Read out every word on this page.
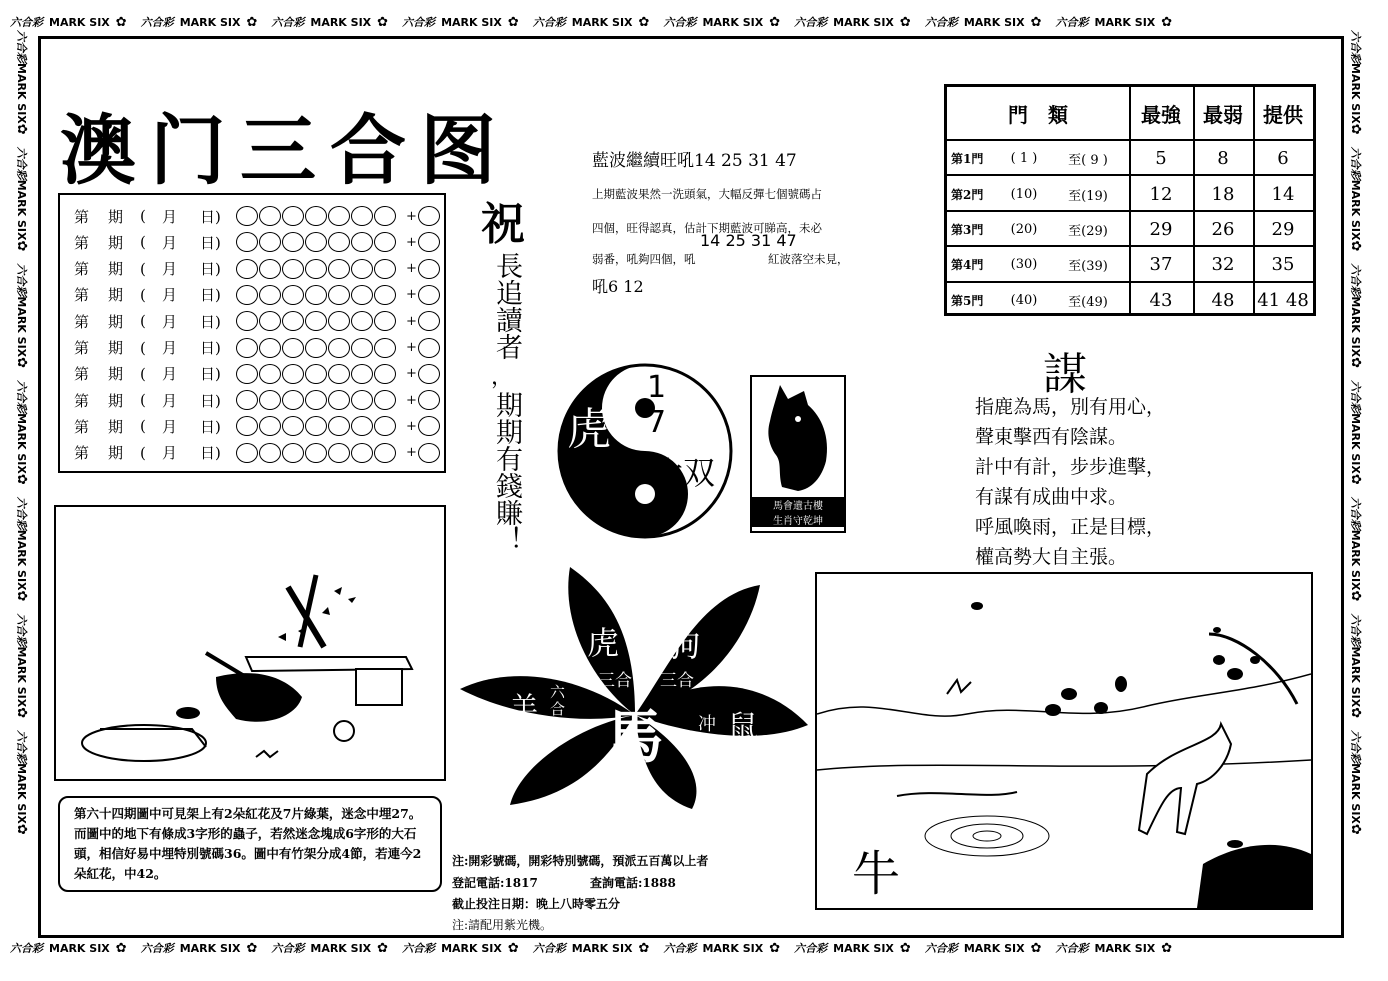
六合彩 MARK SIX ✿ 六合彩 MARK SIX ✿ 六合彩 MARK SIX ✿ 六合彩 MARK SIX ✿ 六合彩 MARK SIX ✿ 六合彩 MARK SIX ✿ 六合彩 MARK SIX ✿ 六合彩 MARK SIX ✿ 六合彩 MARK SIX ✿
六合彩 MARK SIX ✿ 六合彩 MARK SIX ✿ 六合彩 MARK SIX ✿ 六合彩 MARK SIX ✿ 六合彩 MARK SIX ✿ 六合彩 MARK SIX ✿ 六合彩 MARK SIX ✿ 六合彩 MARK SIX ✿ 六合彩 MARK SIX ✿
六合彩MARK SIX✿
六合彩MARK SIX✿
六合彩MARK SIX✿
六合彩MARK SIX✿
六合彩MARK SIX✿
六合彩MARK SIX✿
六合彩MARK SIX✿
六合彩MARK SIX✿
六合彩MARK SIX✿
六合彩MARK SIX✿
六合彩MARK SIX✿
六合彩MARK SIX✿
六合彩MARK SIX✿
六合彩MARK SIX✿
澳门三合图
第 期 ( 月 日)	+
第 期 ( 月 日)	+
第 期 ( 月 日)	+
第 期 ( 月 日)	+
第 期 ( 月 日)	+
第 期 ( 月 日)	+
第 期 ( 月 日)	+
第 期 ( 月 日)	+
第 期 ( 月 日)	+
第 期 ( 月 日)	+
祝
長追讀者
，
期期有錢賺！
藍波繼續旺吼14 25 31 47
上期藍波果然一洗頭氣，大幅反彈七個號碼占
四個，旺得認真，估計下期藍波可睇高，未必
14 25 31 47
弱番，吼夠四個，吼	紅波落空未見，
吼6 12
門　類	最強	最弱	提供
第1門	( 1 )	至( 9 )	5	8	6
第2門	(10)	至(19)	12	18	14
第3門	(20)	至(29)	29	26	29
第4門	(30)	至(39)	37	32	35
第5門	(40)	至(49)	43	48	41 48
虎
1
7
大双
馬會遺古樓
生肖守乾坤
謀
指鹿為馬，別有用心，
聲東擊西有陰謀。
計中有計，步步進擊，
有謀有成曲中求。
呼風喚雨，正是目標，
權高勢大自主張。
虎 狗
三合 三合
羊 六合 馬 冲 鼠
牛
第六十四期圖中可見架上有2朵紅花及7片綠葉，迷念中埋27。而圖中的地下有條成3字形的蟲子，若然迷念塊成6字形的大石頭，相信好易中埋特別號碼36。圖中有竹架分成4節，若連今2朵紅花，中42。
注:開彩號碼，開彩特別號碼，預派五百萬以上者
登記電話:1817	查詢電話:1888
截止投注日期：晚上八時零五分
注:請配用紫光機。
